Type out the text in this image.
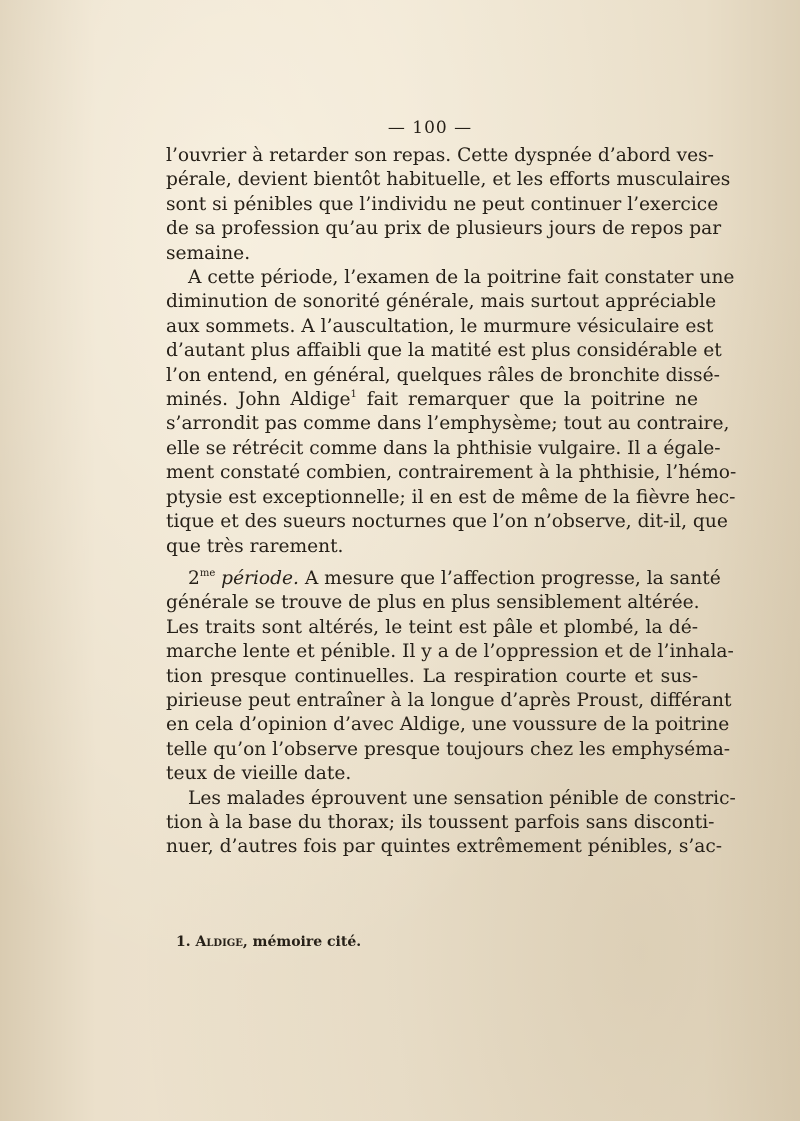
— 100 —
l’ouvrier à retarder son repas. Cette dyspnée d’abord ves-
pérale, devient bientôt habituelle, et les efforts musculaires
sont si pénibles que l’individu ne peut continuer l’exercice
de sa profession qu’au prix de plusieurs jours de repos par
semaine.
A cette période, l’examen de la poitrine fait constater une
diminution de sonorité générale, mais surtout appréciable
aux sommets. A l’auscultation, le murmure vésiculaire est
d’autant plus affaibli que la matité est plus considérable et
l’on entend, en général, quelques râles de bronchite dissé-
minés. John Aldige$^1$ fait remarquer que la poitrine ne
s’arrondit pas comme dans l’emphysème; tout au contraire,
elle se rétrécit comme dans la phthisie vulgaire. Il a égale-
ment constaté combien, contrairement à la phthisie, l’hémo-
ptysie est exceptionnelle; il en est de même de la fièvre hec-
tique et des sueurs nocturnes que l’on n’observe, dit-il, que
que très rarement.
$2^{me}$ période. A mesure que l’affection progresse, la santé
générale se trouve de plus en plus sensiblement altérée.
Les traits sont altérés, le teint est pâle et plombé, la dé-
marche lente et pénible. Il y a de l’oppression et de l’inhala-
tion presque continuelles. La respiration courte et sus-
pirieuse peut entraîner à la longue d’après Proust, différant
en cela d’opinion d’avec Aldige, une voussure de la poitrine
telle qu’on l’observe presque toujours chez les emphyséma-
teux de vieille date.
Les malades éprouvent une sensation pénible de constric-
tion à la base du thorax; ils toussent parfois sans disconti-
nuer, d’autres fois par quintes extrêmement pénibles, s’ac-
1. Aldige, mémoire cité.
